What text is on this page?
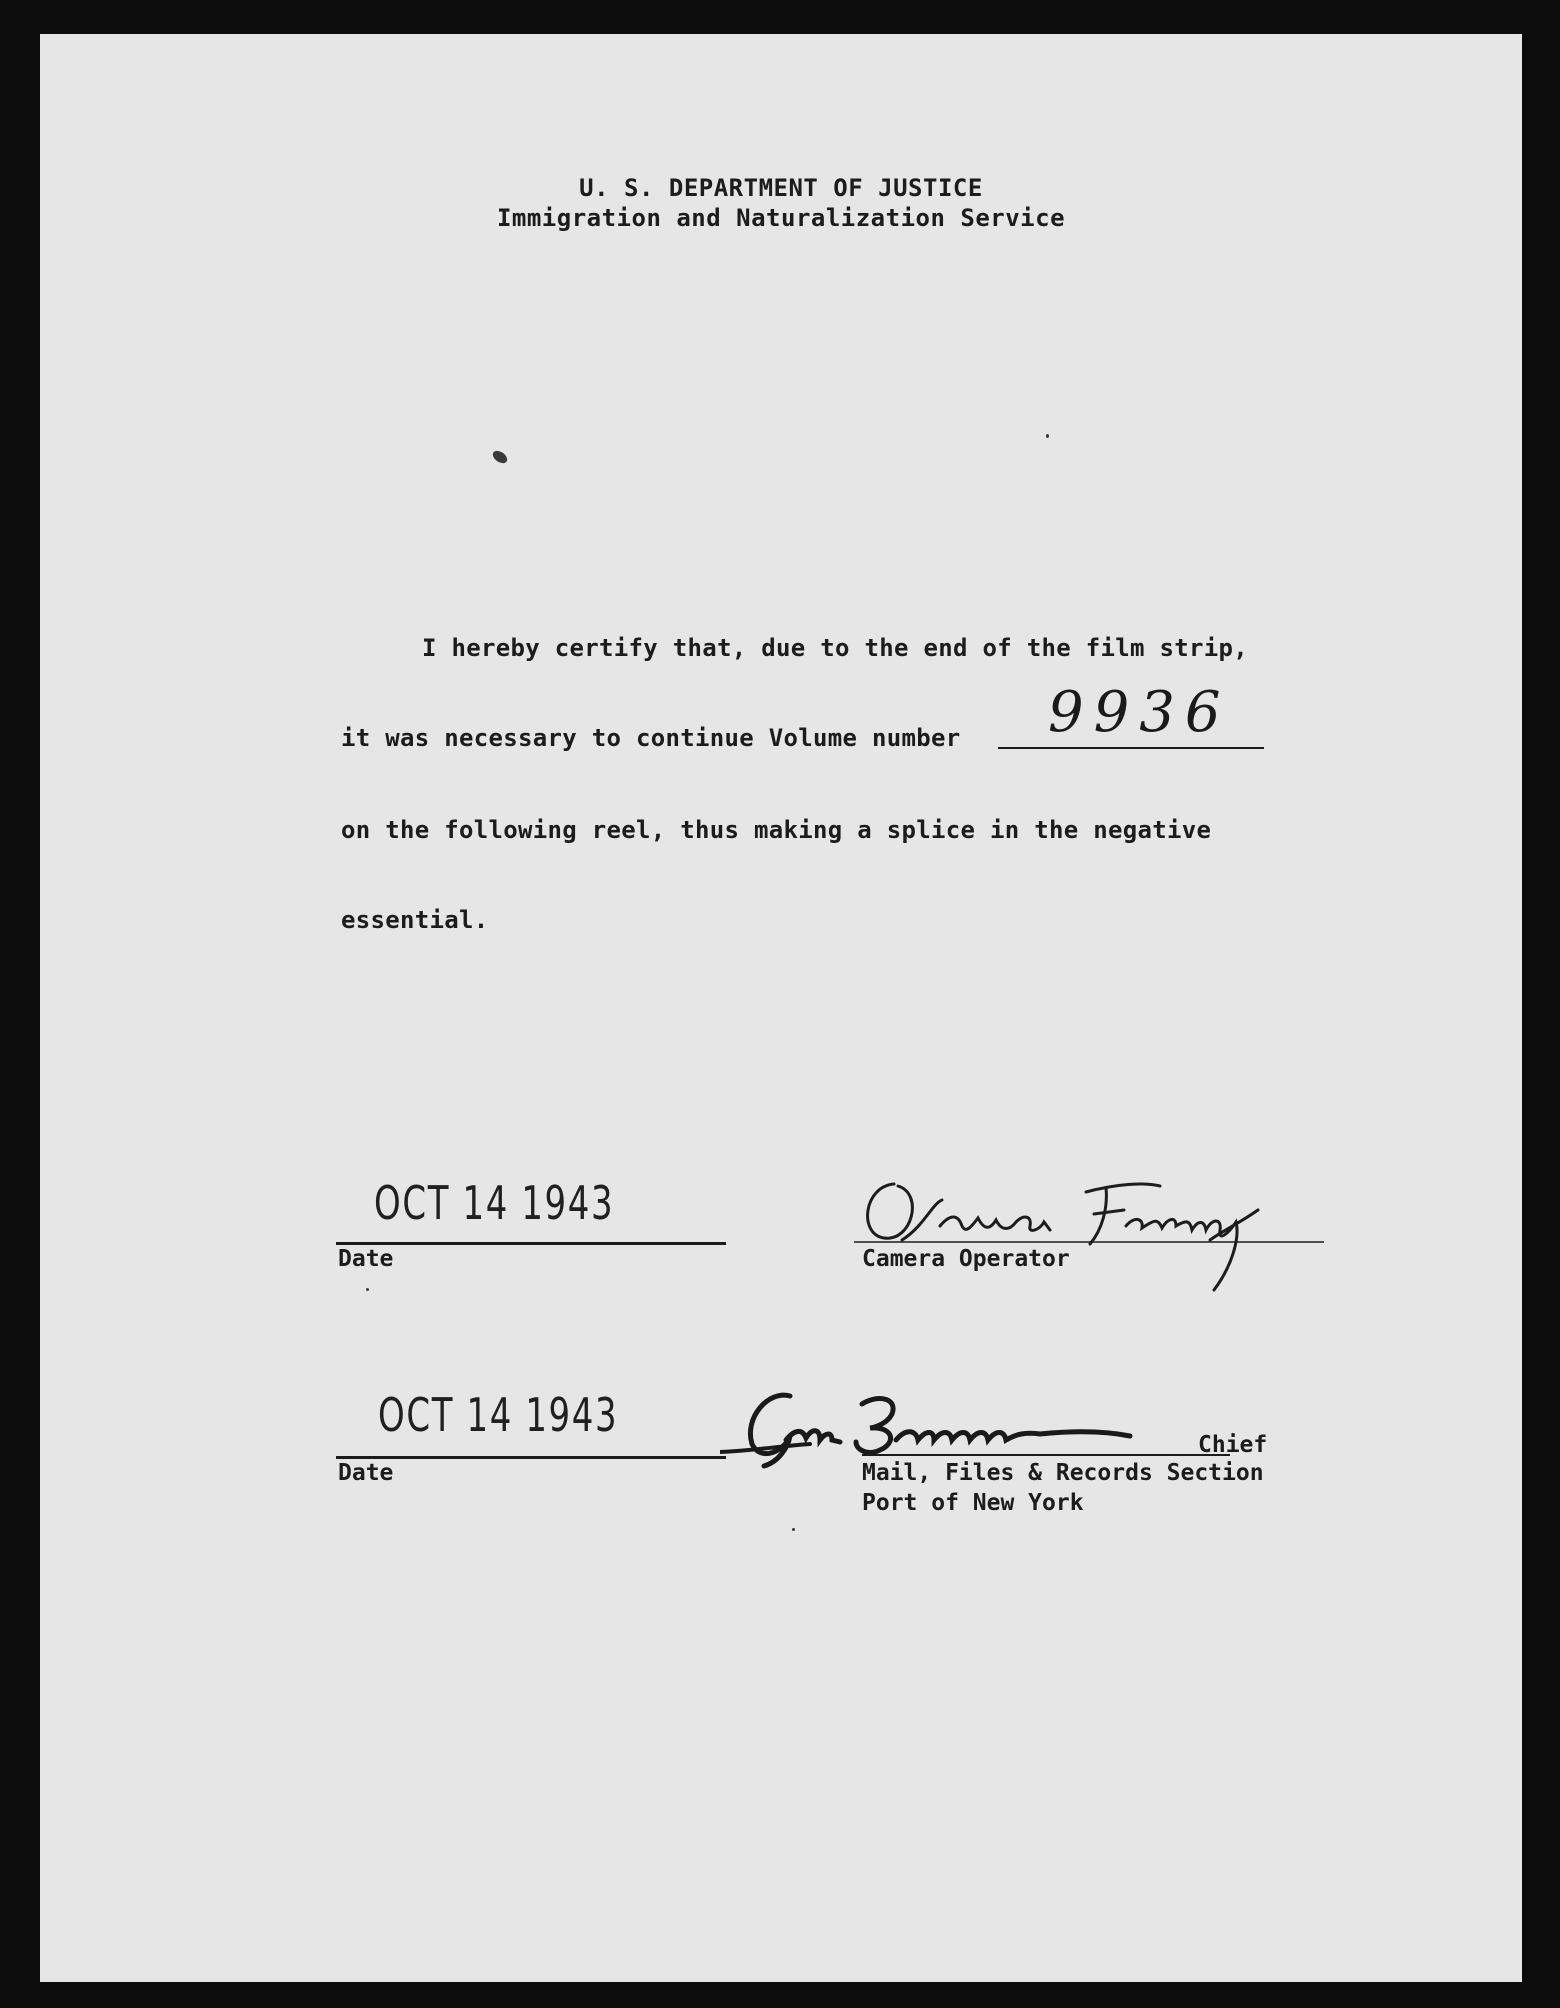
U. S. DEPARTMENT OF JUSTICE
Immigration and Naturalization Service
I hereby certify that, due to the end of the film strip,
it was necessary to continue Volume number 9936
on the following reel, thus making a splice in the negative
essential.
OCT 14 1943
Date	Camera Operator
OCT 14 1943
Date
Chief
Mail, Files & Records Section
Port of New York
